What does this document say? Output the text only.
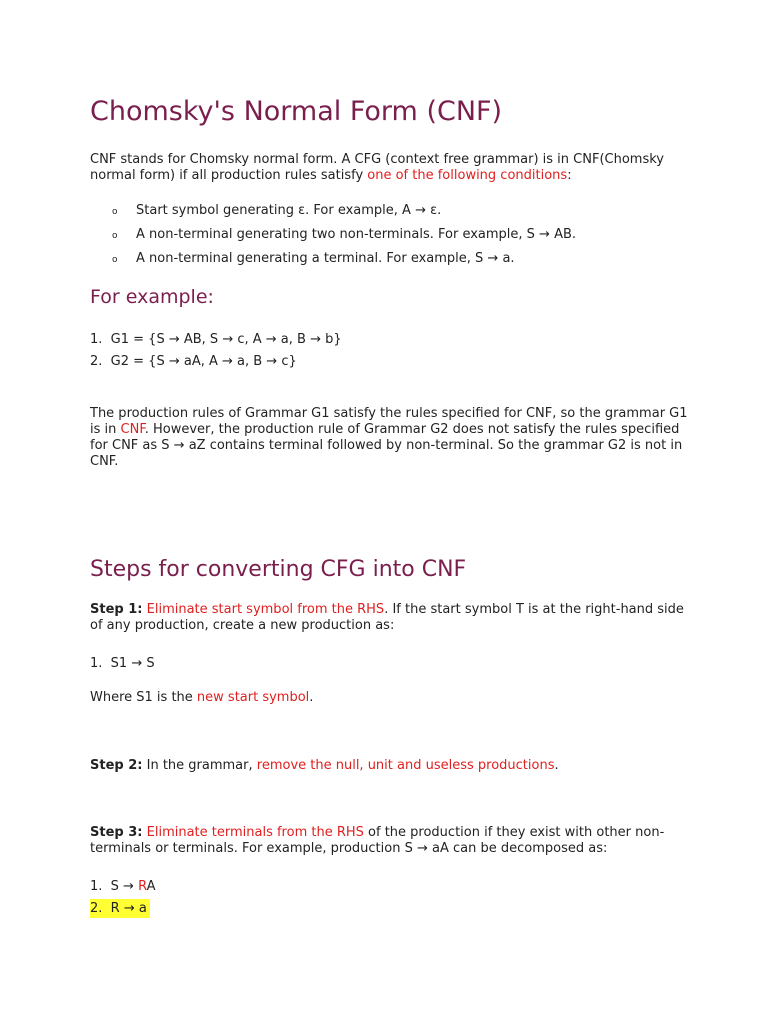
Chomsky's Normal Form (CNF)

CNF stands for Chomsky normal form. A CFG (context free grammar) is in CNF(Chomsky
normal form) if all production rules satisfy one of the following conditions:

o Start symbol generating ε. For example, A → ε.
o A non-terminal generating two non-terminals. For example, S → AB.
o A non-terminal generating a terminal. For example, S → a.
For example:
1. G1 = {S → AB, S → c, A → a, B → b}
2. G2 = {S → aA, A → a, B → c}

The production rules of Grammar G1 satisfy the rules specified for CNF, so the grammar G1
is in CNF. However, the production rule of Grammar G2 does not satisfy the rules specified
for CNF as S → aZ contains terminal followed by non-terminal. So the grammar G2 is not in
CNF.

Steps for converting CFG into CNF

Step 1: Eliminate start symbol from the RHS. If the start symbol T is at the right-hand side
of any production, create a new production as:

1. S1 → S

Where S1 is the new start symbol.

Step 2: In the grammar, remove the null, unit and useless productions.

Step 3: Eliminate terminals from the RHS of the production if they exist with other non-
terminals or terminals. For example, production S → aA can be decomposed as:

1. S → RA
2. R → a
